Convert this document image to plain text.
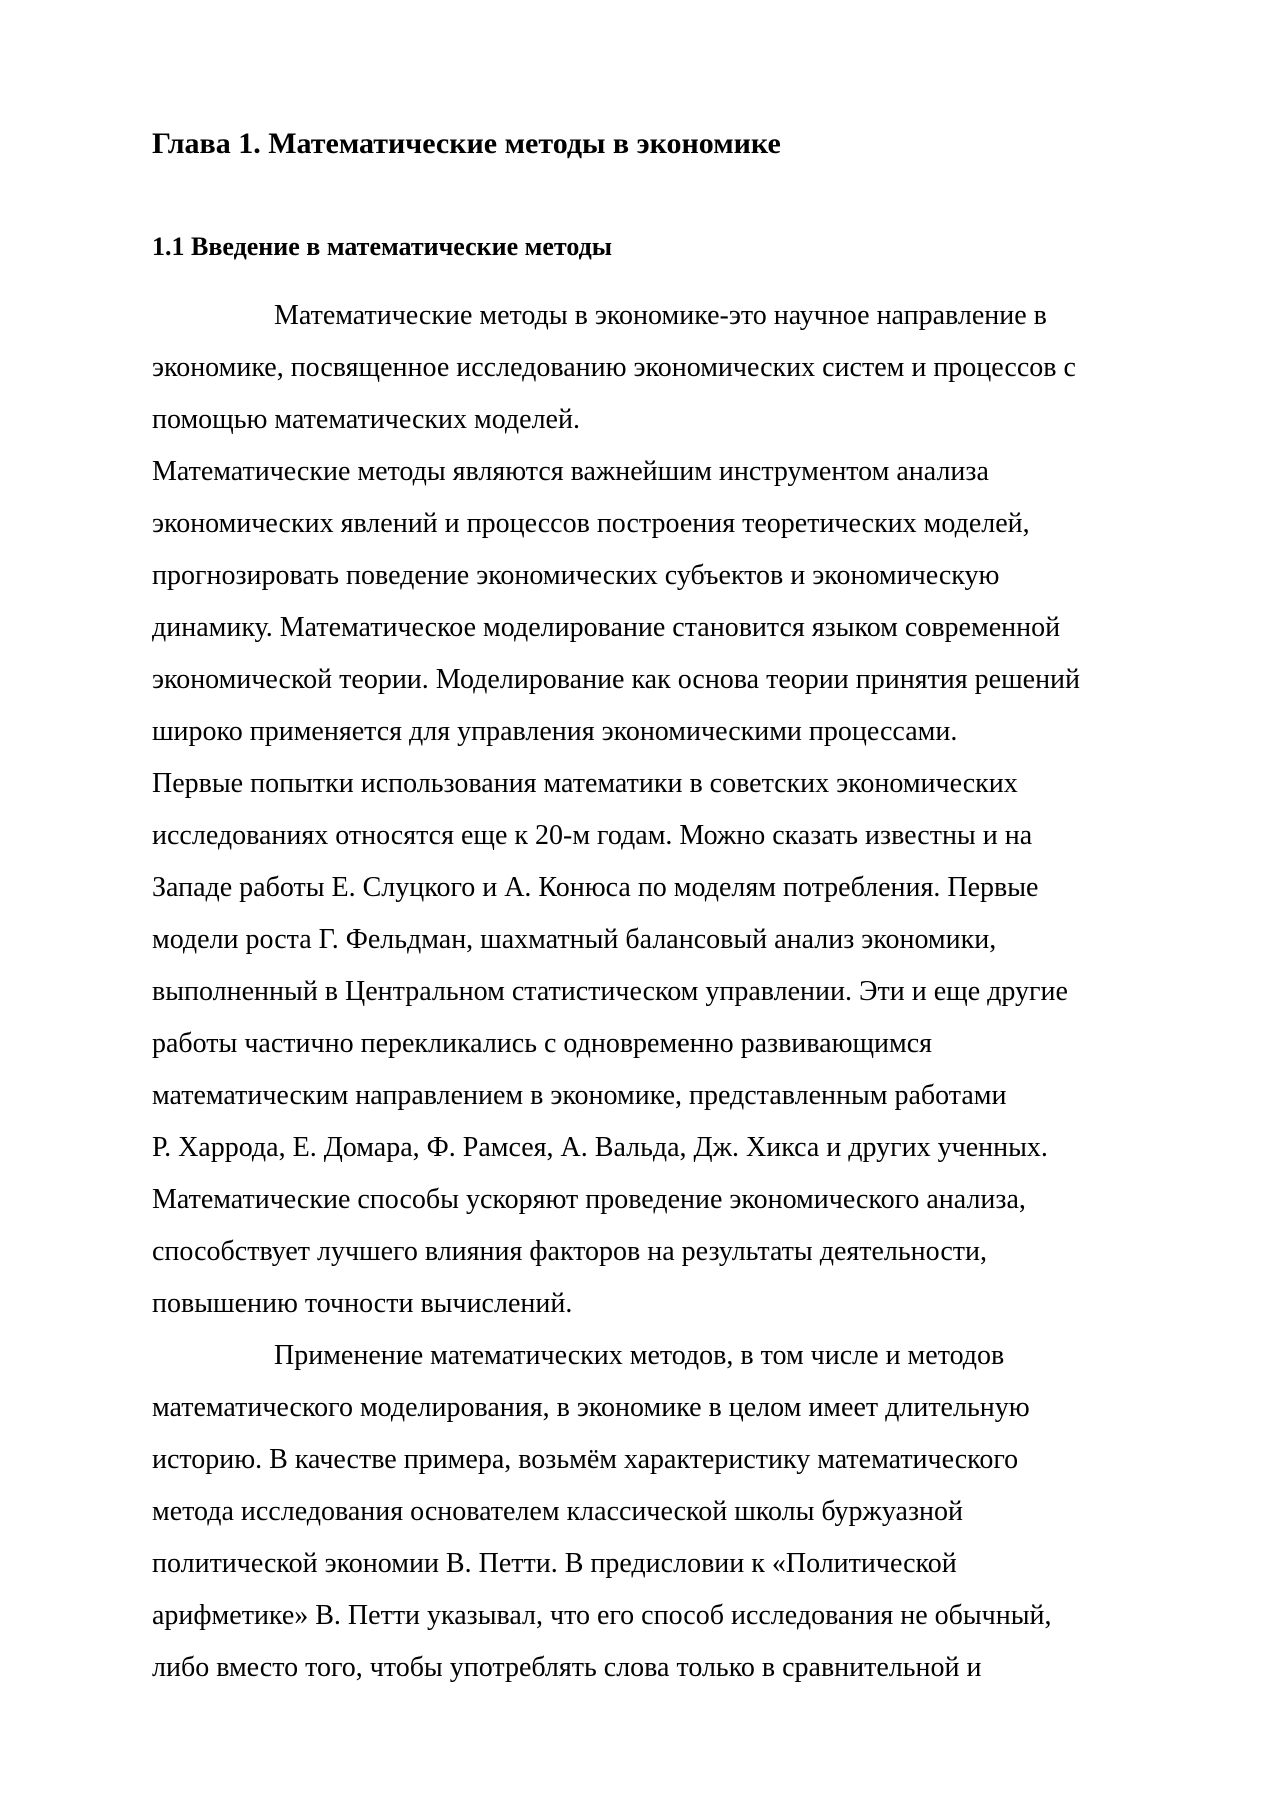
Глава 1. Математические методы в экономике
1.1 Введение в математические методы
Математические методы в экономике-это научное направление в
экономике, посвященное исследованию экономических систем и процессов с
помощью математических моделей.
Математические методы являются важнейшим инструментом анализа
экономических явлений и процессов построения теоретических моделей,
прогнозировать поведение экономических субъектов и экономическую
динамику. Математическое моделирование становится языком современной
экономической теории. Моделирование как основа теории принятия решений
широко применяется для управления экономическими процессами.
Первые попытки использования математики в советских экономических
исследованиях относятся еще к 20-м годам. Можно сказать известны и на
Западе работы Е. Слуцкого и А. Конюса по моделям потребления. Первые
модели роста Г. Фельдман, шахматный балансовый анализ экономики,
выполненный в Центральном статистическом управлении. Эти и еще другие
работы частично перекликались с одновременно развивающимся
математическим направлением в экономике, представленным работами
Р. Харрода, Е. Домара, Ф. Рамсея, А. Вальда, Дж. Хикса и других ученных.
Математические способы ускоряют проведение экономического анализа,
способствует лучшего влияния факторов на результаты деятельности,
повышению точности вычислений.
Применение математических методов, в том числе и методов
математического моделирования, в экономике в целом имеет длительную
историю. В качестве примера, возьмём характеристику математического
метода исследования основателем классической школы буржуазной
политической экономии В. Петти. В предисловии к «Политической
арифметике» В. Петти указывал, что его способ исследования не обычный,
либо вместо того, чтобы употреблять слова только в сравнительной и
